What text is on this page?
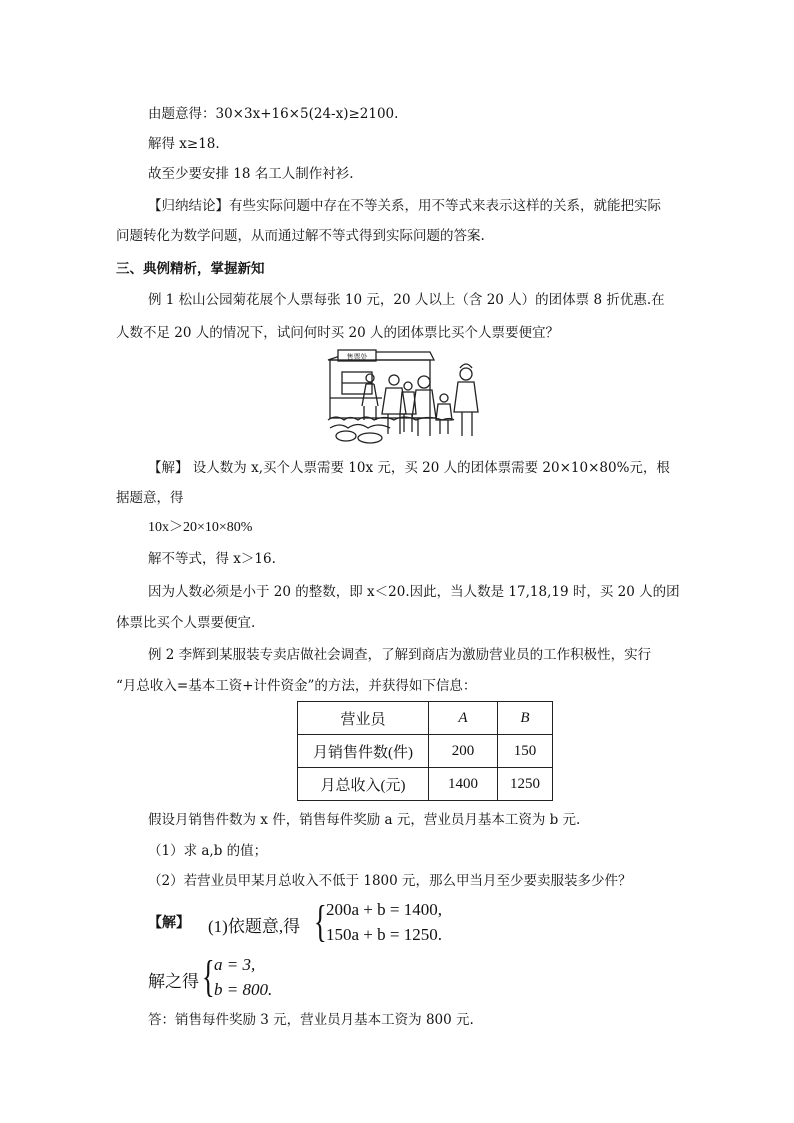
由题意得：30×3x+16×5(24-x)≥2100.
解得 x≥18.
故至少要安排 18 名工人制作衬衫.
【归纳结论】有些实际问题中存在不等关系，用不等式来表示这样的关系，就能把实际
问题转化为数学问题，从而通过解不等式得到实际问题的答案.
三、典例精析，掌握新知
例 1 松山公园菊花展个人票每张 10 元，20 人以上（含 20 人）的团体票 8 折优惠.在
人数不足 20 人的情况下，试问何时买 20 人的团体票比买个人票要便宜？
售票处
【解】 设人数为 x,买个人票需要 10x 元，买 20 人的团体票需要 20×10×80%元，根
据题意，得
10x＞20×10×80%
解不等式，得 x＞16.
因为人数必须是小于 20 的整数，即 x＜20.因此，当人数是 17,18,19 时，买 20 人的团
体票比买个人票要便宜.
例 2 李辉到某服装专卖店做社会调查，了解到商店为激励营业员的工作积极性，实行
“月总收入=基本工资+计件资金”的方法，并获得如下信息：
营业员	A	B
月销售件数(件)	200	150
月总收入(元)	1400	1250
假设月销售件数为 x 件，销售每件奖励 a 元，营业员月基本工资为 b 元.
（1）求 a,b 的值；
（2）若营业员甲某月总收入不低于 1800 元，那么甲当月至少要卖服装多少件？
【解】 (1)依题意,得 { 200a + b = 1400,
150a + b = 1250.
解之得 { a = 3,
b = 800.
答：销售每件奖励 3 元，营业员月基本工资为 800 元.
